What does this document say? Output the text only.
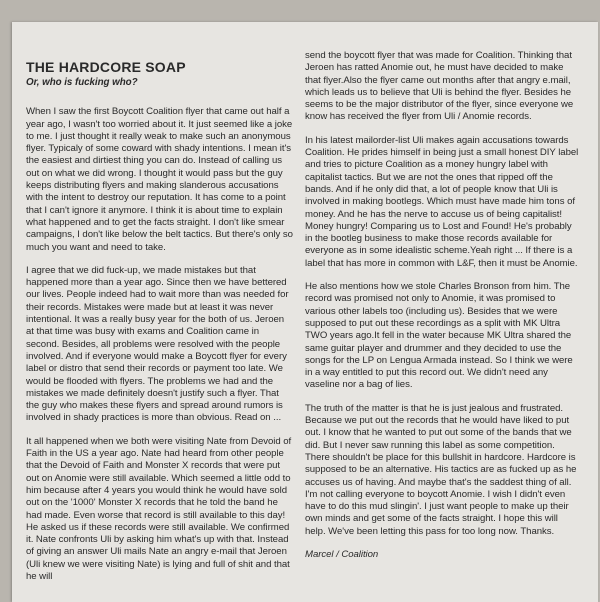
THE HARDCORE SOAP
Or, who is fucking who?

When I saw the first Boycott Coalition flyer that came out half a year ago, I wasn't too worried about it. It just seemed like a joke to me. I just thought it really weak to make such an anonymous flyer. Typicaly of some coward with shady intentions. I mean it's the easiest and dirtiest thing you can do. Instead of calling us out on what we did wrong. I thought it would pass but the guy keeps distributing flyers and making slanderous accusations with the intent to destroy our reputation. It has come to a point that I can't ignore it anymore. I think it is about time to explain what happened and to get the facts straight. I don't like smear campaigns, I don't like below the belt tactics. But there's only so much you want and need to take.

I agree that we did fuck-up, we made mistakes but that happened more than a year ago. Since then we have bettered our lives. People indeed had to wait more than was needed for their records. Mistakes were made but at least it was never intentional. It was a really busy year for the both of us. Jeroen at that time was busy with exams and Coalition came in second. Besides, all problems were resolved with the people involved. And if everyone would make a Boycott flyer for every label or distro that send their records or payment too late. We would be flooded with flyers. The problems we had and the mistakes we made definitely doesn't justify such a flyer. That the guy who makes these flyers and spread around rumors is involved in shady practices is more than obvious. Read on ...

It all happened when we both were visiting Nate from Devoid of Faith in the US a year ago. Nate had heard from other people that the Devoid of Faith and Monster X records that were put out on Anomie were still available. Which seemed a little odd to him because after 4 years you would think he would have sold out on the '1000' Monster X records that he told the band he had made. Even worse that record is still available to this day! He asked us if these records were still available. We confirmed it. Nate confronts Uli by asking him what's up with that. Instead of giving an answer Uli mails Nate an angry e-mail that Jeroen (Uli knew we were visiting Nate) is lying and full of shit and that he will

send the boycott flyer that was made for Coalition. Thinking that Jeroen has ratted Anomie out, he must have decided to make that flyer.Also the flyer came out months after that angry e.mail, which leads us to believe that Uli is behind the flyer. Besides he seems to be the major distributor of the flyer, since everyone we know has received the flyer from Uli / Anomie records.

In his latest mailorder-list Uli makes again accusations towards Coalition. He prides himself in being just a small honest DIY label and tries to picture Coalition as a money hungry label with capitalist tactics. But we are not the ones that ripped off the bands. And if he only did that, a lot of people know that Uli is involved in making bootlegs. Which must have made him tons of money. And he has the nerve to accuse us of being capitalist! Money hungry! Comparing us to Lost and Found! He's probably in the bootleg business to make those records available for everyone as in some idealistic scheme.Yeah right ... If there is a label that has more in common with L&F, then it must be Anomie.

He also mentions how we stole Charles Bronson from him. The record was promised not only to Anomie, it was promised to various other labels too (including us). Besides that we were supposed to put out these recordings as a split with MK Ultra TWO years ago.It fell in the water because MK Ultra shared the same guitar player and drummer and they decided to use the songs for the LP on Lengua Armada instead. So I think we were in a way entitled to put this record out. We didn't need any vaseline nor a bag of lies.

The truth of the matter is that he is just jealous and frustrated. Because we put out the records that he would have liked to put out. I know that he wanted to put out some of the bands that we did. But I never saw running this label as some competition. There shouldn't be place for this bullshit in hardcore. Hardcore is supposed to be an alternative. His tactics are as fucked up as he accuses us of having. And maybe that's the saddest thing of all. I'm not calling everyone to boycott Anomie. I wish I didn't even have to do this mud slingin'. I just want people to make up their own minds and get some of the facts straight. I hope this will help. We've been letting this pass for too long now. Thanks.

Marcel / Coalition
